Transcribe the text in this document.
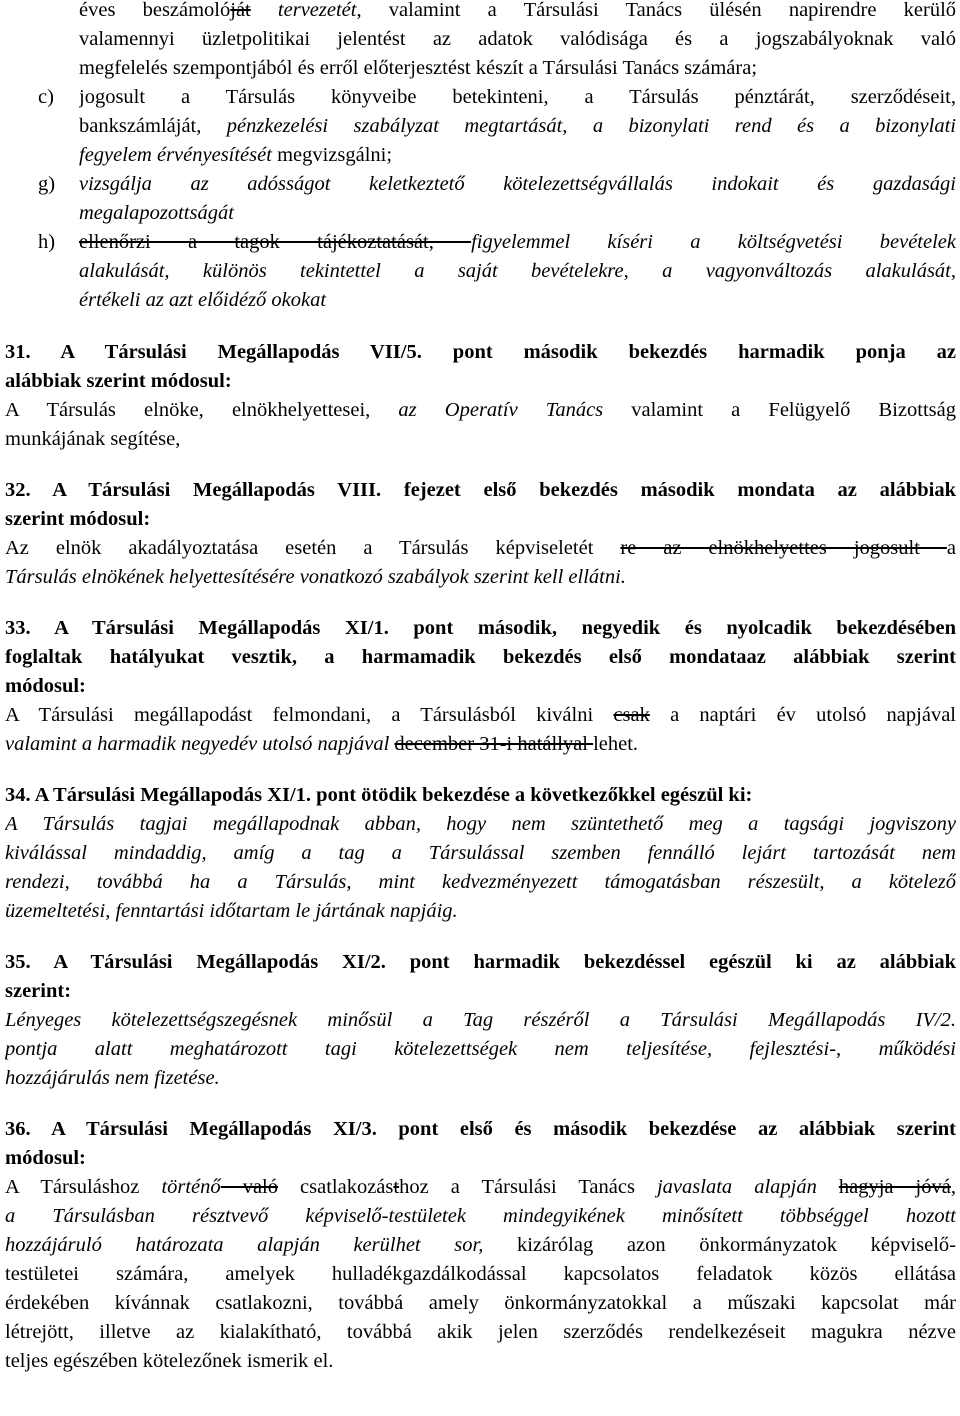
éves beszámolóját tervezetét, valamint a Társulási Tanács ülésén napirendre kerülő
valamennyi üzletpolitikai jelentést az adatok valódisága és a jogszabályoknak való
megfelelés szempontjából és erről előterjesztést készít a Társulási Tanács számára;
c) jogosult a Társulás könyveibe betekinteni, a Társulás pénztárát, szerződéseit,
bankszámláját, pénzkezelési szabályzat megtartását, a bizonylati rend és a bizonylati
fegyelem érvényesítését megvizsgálni;
g) vizsgálja az adósságot keletkeztető kötelezettségvállalás indokait és gazdasági
megalapozottságát
h) ellenőrzi a tagok tájékoztatását, figyelemmel kíséri a költségvetési bevételek
alakulását, különös tekintettel a saját bevételekre, a vagyonváltozás alakulását,
értékeli az azt előidéző okokat
31. A Társulási Megállapodás VII/5. pont második bekezdés harmadik ponja az
alábbiak szerint módosul:
A Társulás elnöke, elnökhelyettesei, az Operatív Tanács valamint a Felügyelő Bizottság
munkájának segítése,
32. A Társulási Megállapodás VIII. fejezet első bekezdés második mondata az alábbiak
szerint módosul:
Az elnök akadályoztatása esetén a Társulás képviseletét re az elnökhelyettes jogosult a
Társulás elnökének helyettesítésére vonatkozó szabályok szerint kell ellátni.
33. A Társulási Megállapodás XI/1. pont második, negyedik és nyolcadik bekezdésében
foglaltak hatályukat vesztik, a harmamadik bekezdés első mondataaz alábbiak szerint
módosul:
A Társulási megállapodást felmondani, a Társulásból kiválni csak a naptári év utolsó napjával
valamint a harmadik negyedév utolsó napjával december 31-i hatállyal lehet.
34. A Társulási Megállapodás XI/1. pont ötödik bekezdése a következőkkel egészül ki:
A Társulás tagjai megállapodnak abban, hogy nem szüntethető meg a tagsági jogviszony
kiválással mindaddig, amíg a tag a Társulással szemben fennálló lejárt tartozását nem
rendezi, továbbá ha a Társulás, mint kedvezményezett támogatásban részesült, a kötelező
üzemeltetési, fenntartási időtartam le jártának napjáig.
35. A Társulási Megállapodás XI/2. pont harmadik bekezdéssel egészül ki az alábbiak
szerint:
Lényeges kötelezettségszegésnek minősül a Tag részéről a Társulási Megállapodás IV/2.
pontja alatt meghatározott tagi kötelezettségek nem teljesítése, fejlesztési-, működési
hozzájárulás nem fizetése.
36. A Társulási Megállapodás XI/3. pont első és második bekezdése az alábbiak szerint
módosul:
A Társuláshoz történő való csatlakozásthoz a Társulási Tanács javaslata alapján hagyja jóvá,
a Társulásban résztvevő képviselő-testületek mindegyikének minősített többséggel hozott
hozzájáruló határozata alapján kerülhet sor, kizárólag azon önkormányzatok képviselő-
testületei számára, amelyek hulladékgazdálkodással kapcsolatos feladatok közös ellátása
érdekében kívánnak csatlakozni, továbbá amely önkormányzatokkal a műszaki kapcsolat már
létrejött, illetve az kialakítható, továbbá akik jelen szerződés rendelkezéseit magukra nézve
teljes egészében kötelezőnek ismerik el.
